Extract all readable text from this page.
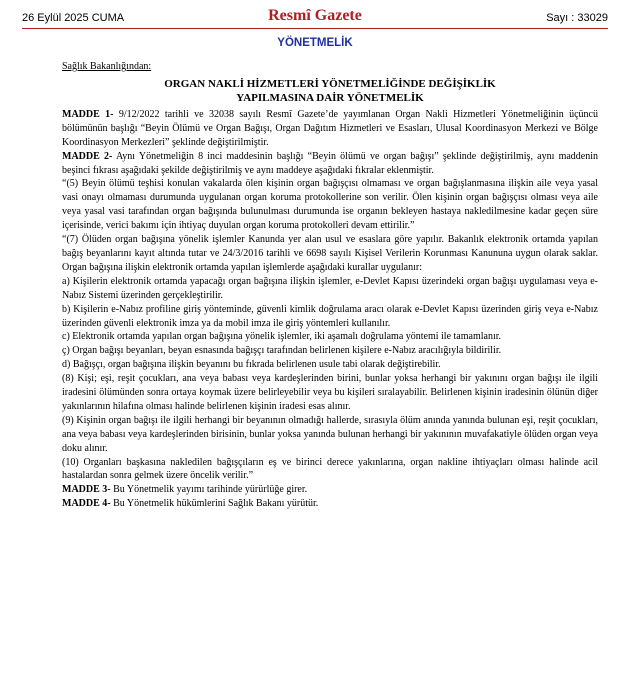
26 Eylül 2025 CUMA	Resmî Gazete	Sayı : 33029
YÖNETMELİK

Sağlık Bakanlığından:

ORGAN NAKLİ HİZMETLERİ YÖNETMELİĞİNDE DEĞİŞİKLİK
YAPILMASINA DAİR YÖNETMELİK

MADDE 1- 9/12/2022 tarihli ve 32038 sayılı Resmî Gazete’de yayımlanan Organ Nakli Hizmetleri Yönetmeliğinin üçüncü bölümünün başlığı “Beyin Ölümü ve Organ Bağışı, Organ Dağıtım Hizmetleri ve Esasları, Ulusal Koordinasyon Merkezi ve Bölge Koordinasyon Merkezleri” şeklinde değiştirilmiştir.

MADDE 2- Aynı Yönetmeliğin 8 inci maddesinin başlığı “Beyin ölümü ve organ bağışı” şeklinde değiştirilmiş, aynı maddenin beşinci fıkrası aşağıdaki şekilde değiştirilmiş ve aynı maddeye aşağıdaki fıkralar eklenmiştir.

“(5) Beyin ölümü teşhisi konulan vakalarda ölen kişinin organ bağışçısı olmaması ve organ bağışlanmasına ilişkin aile veya yasal vasi onayı olmaması durumunda uygulanan organ koruma protokollerine son verilir. Ölen kişinin organ bağışçısı olması veya aile veya yasal vasi tarafından organ bağışında bulunulması durumunda ise organın bekleyen hastaya nakledilmesine kadar geçen süre içerisinde, verici bakımı için ihtiyaç duyulan organ koruma protokolleri devam ettirilir.”

“(7) Ölüden organ bağışına yönelik işlemler Kanunda yer alan usul ve esaslara göre yapılır. Bakanlık elektronik ortamda yapılan bağış beyanlarını kayıt altında tutar ve 24/3/2016 tarihli ve 6698 sayılı Kişisel Verilerin Korunması Kanununa uygun olarak saklar. Organ bağışına ilişkin elektronik ortamda yapılan işlemlerde aşağıdaki kurallar uygulanır:

a) Kişilerin elektronik ortamda yapacağı organ bağışına ilişkin işlemler, e-Devlet Kapısı üzerindeki organ bağışı uygulaması veya e-Nabız Sistemi üzerinden gerçekleştirilir.

b) Kişilerin e-Nabız profiline giriş yönteminde, güvenli kimlik doğrulama aracı olarak e-Devlet Kapısı üzerinden giriş veya e-Nabız üzerinden güvenli elektronik imza ya da mobil imza ile giriş yöntemleri kullanılır.

c) Elektronik ortamda yapılan organ bağışına yönelik işlemler, iki aşamalı doğrulama yöntemi ile tamamlanır.

ç) Organ bağışı beyanları, beyan esnasında bağışçı tarafından belirlenen kişilere e-Nabız aracılığıyla bildirilir.

d) Bağışçı, organ bağışına ilişkin beyanını bu fıkrada belirlenen usule tabi olarak değiştirebilir.

(8) Kişi; eşi, reşit çocukları, ana veya babası veya kardeşlerinden birini, bunlar yoksa herhangi bir yakınını organ bağışı ile ilgili iradesini ölümünden sonra ortaya koymak üzere belirleyebilir veya bu kişileri sıralayabilir. Belirlenen kişinin iradesinin ölünün diğer yakınlarının hilafına olması halinde belirlenen kişinin iradesi esas alınır.

(9) Kişinin organ bağışı ile ilgili herhangi bir beyanının olmadığı hallerde, sırasıyla ölüm anında yanında bulunan eşi, reşit çocukları, ana veya babası veya kardeşlerinden birisinin, bunlar yoksa yanında bulunan herhangi bir yakınının muvafakatiyle ölüden organ veya doku alınır.

(10) Organları başkasına nakledilen bağışçıların eş ve birinci derece yakınlarına, organ nakline ihtiyaçları olması halinde acil hastalardan sonra gelmek üzere öncelik verilir.”

MADDE 3- Bu Yönetmelik yayımı tarihinde yürürlüğe girer.

MADDE 4- Bu Yönetmelik hükümlerini Sağlık Bakanı yürütür.
